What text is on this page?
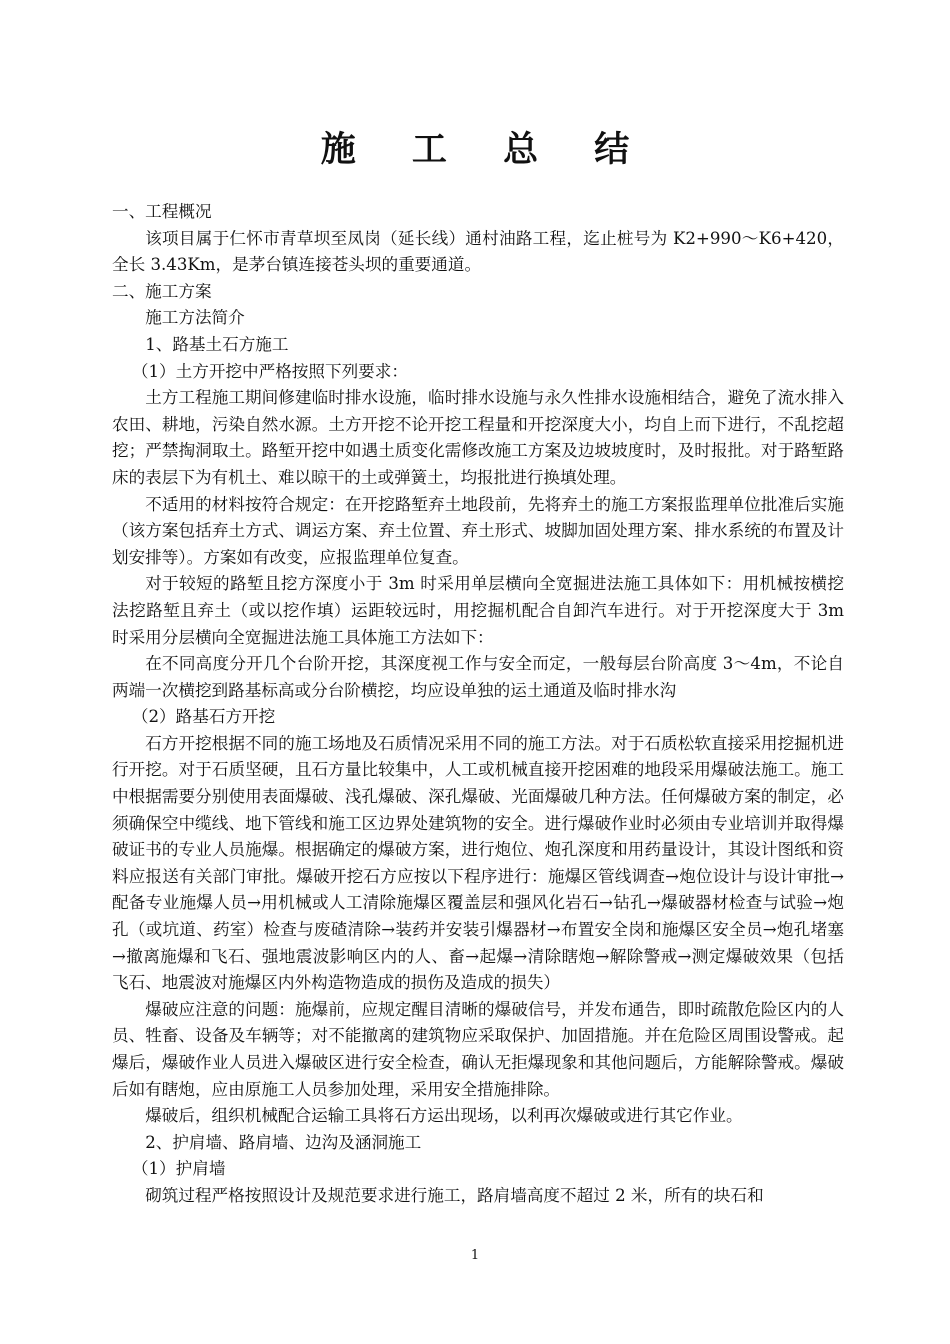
施 工 总 结

一、工程概况

该项目属于仁怀市青草坝至凤岗（延长线）通村油路工程，迄止桩号为 K2+990～K6+420，全长 3.43Km，是茅台镇连接苍头坝的重要通道。

二、施工方案

施工方法简介

1、路基土石方施工

（1）土方开挖中严格按照下列要求：

土方工程施工期间修建临时排水设施，临时排水设施与永久性排水设施相结合，避免了流水排入农田、耕地，污染自然水源。土方开挖不论开挖工程量和开挖深度大小，均自上而下进行，不乱挖超挖；严禁掏洞取土。路堑开挖中如遇土质变化需修改施工方案及边坡坡度时，及时报批。对于路堑路床的表层下为有机土、难以晾干的土或弹簧土，均报批进行换填处理。

不适用的材料按符合规定：在开挖路堑弃土地段前，先将弃土的施工方案报监理单位批准后实施（该方案包括弃土方式、调运方案、弃土位置、弃土形式、坡脚加固处理方案、排水系统的布置及计划安排等）。方案如有改变，应报监理单位复查。

对于较短的路堑且挖方深度小于 3m 时采用单层横向全宽掘进法施工具体如下：用机械按横挖法挖路堑且弃土（或以挖作填）运距较远时，用挖掘机配合自卸汽车进行。对于开挖深度大于 3m 时采用分层横向全宽掘进法施工具体施工方法如下：

在不同高度分开几个台阶开挖，其深度视工作与安全而定，一般每层台阶高度 3～4m，不论自两端一次横挖到路基标高或分台阶横挖，均应设单独的运土通道及临时排水沟

（2）路基石方开挖

石方开挖根据不同的施工场地及石质情况采用不同的施工方法。对于石质松软直接采用挖掘机进行开挖。对于石质坚硬，且石方量比较集中，人工或机械直接开挖困难的地段采用爆破法施工。施工中根据需要分别使用表面爆破、浅孔爆破、深孔爆破、光面爆破几种方法。任何爆破方案的制定，必须确保空中缆线、地下管线和施工区边界处建筑物的安全。进行爆破作业时必须由专业培训并取得爆破证书的专业人员施爆。根据确定的爆破方案，进行炮位、炮孔深度和用药量设计，其设计图纸和资料应报送有关部门审批。爆破开挖石方应按以下程序进行：施爆区管线调查→炮位设计与设计审批→配备专业施爆人员→用机械或人工清除施爆区覆盖层和强风化岩石→钻孔→爆破器材检查与试验→炮孔（或坑道、药室）检查与废碴清除→装药并安装引爆器材→布置安全岗和施爆区安全员→炮孔堵塞→撤离施爆和飞石、强地震波影响区内的人、畜→起爆→清除瞎炮→解除警戒→测定爆破效果（包括飞石、地震波对施爆区内外构造物造成的损伤及造成的损失）

爆破应注意的问题：施爆前，应规定醒目清晰的爆破信号，并发布通告，即时疏散危险区内的人员、牲畜、设备及车辆等；对不能撤离的建筑物应采取保护、加固措施。并在危险区周围设警戒。起爆后，爆破作业人员进入爆破区进行安全检查，确认无拒爆现象和其他问题后，方能解除警戒。爆破后如有瞎炮，应由原施工人员参加处理，采用安全措施排除。

爆破后，组织机械配合运输工具将石方运出现场，以利再次爆破或进行其它作业。

2、护肩墙、路肩墙、边沟及涵洞施工

（1）护肩墙

砌筑过程严格按照设计及规范要求进行施工，路肩墙高度不超过 2 米，所有的块石和

1
